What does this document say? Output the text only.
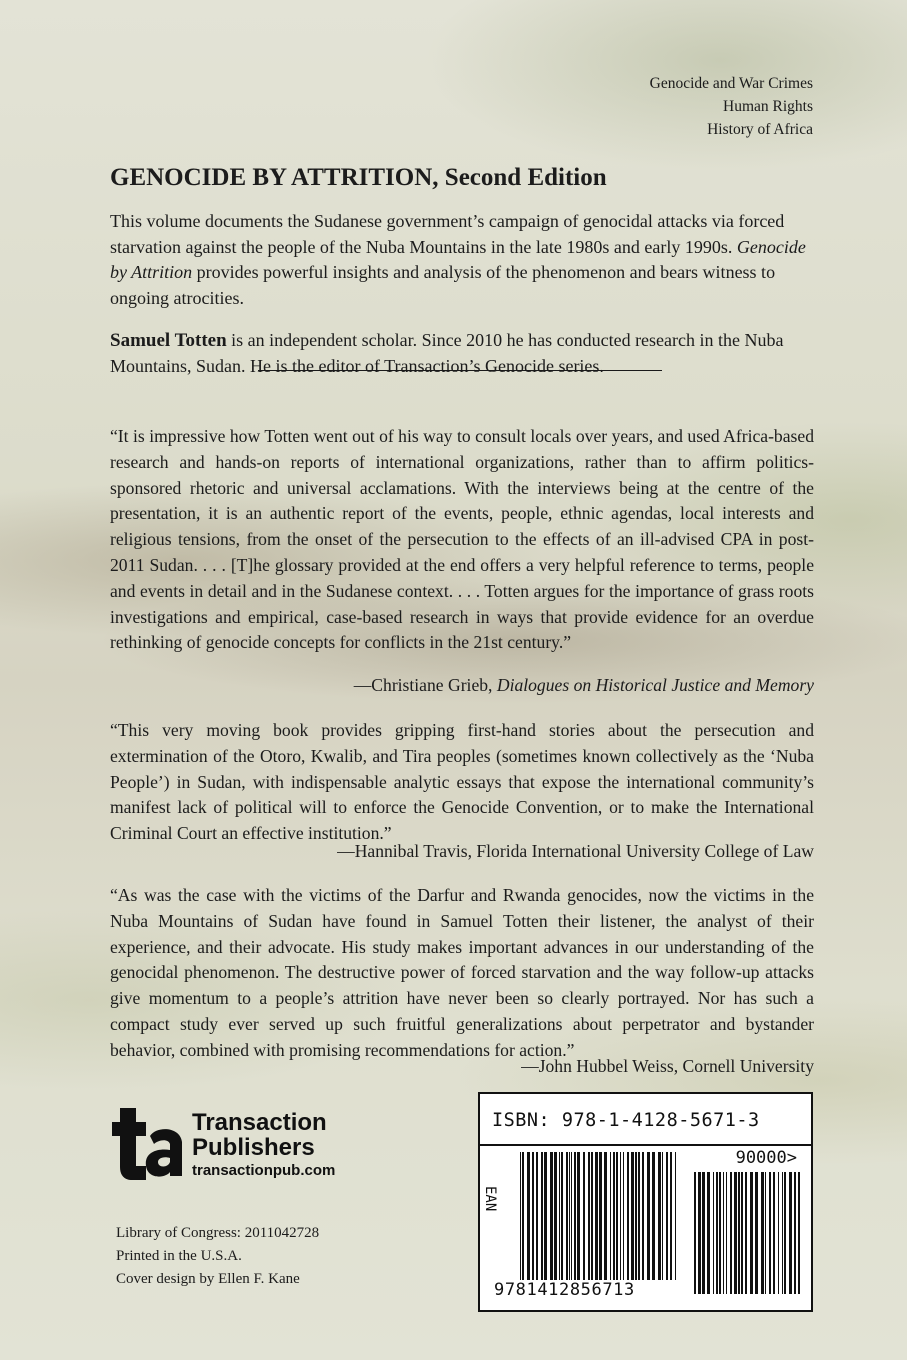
Genocide and War Crimes
Human Rights
History of Africa
GENOCIDE BY ATTRITION, Second Edition

This volume documents the Sudanese government’s campaign of genocidal attacks via forced starvation against the people of the Nuba Mountains in the late 1980s and early 1990s. Genocide by Attrition provides powerful insights and analysis of the phenomenon and bears witness to ongoing atrocities.

Samuel Totten is an independent scholar. Since 2010 he has conducted research in the Nuba Mountains, Sudan. He is the editor of Transaction’s Genocide series.

“It is impressive how Totten went out of his way to consult locals over years, and used Africa-based research and hands-on reports of international organizations, rather than to affirm politics-sponsored rhetoric and universal acclamations. With the interviews being at the centre of the presentation, it is an authentic report of the events, people, ethnic agendas, local interests and religious tensions, from the onset of the persecution to the effects of an ill-advised CPA in post-2011 Sudan. . . . [T]he glossary provided at the end offers a very helpful reference to terms, people and events in detail and in the Sudanese context. . . . Totten argues for the importance of grass roots investigations and empirical, case-based research in ways that provide evidence for an overdue rethinking of genocide concepts for conflicts in the 21st century.”

—Christiane Grieb, Dialogues on Historical Justice and Memory

“This very moving book provides gripping first-hand stories about the persecution and extermination of the Otoro, Kwalib, and Tira peoples (sometimes known collectively as the ‘Nuba People’) in Sudan, with indispensable analytic essays that expose the international community’s manifest lack of political will to enforce the Genocide Convention, or to make the International Criminal Court an effective institution.”

—Hannibal Travis, Florida International University College of Law

“As was the case with the victims of the Darfur and Rwanda genocides, now the victims in the Nuba Mountains of Sudan have found in Samuel Totten their listener, the analyst of their experience, and their advocate. His study makes important advances in our understanding of the genocidal phenomenon. The destructive power of forced starvation and the way follow-up attacks give momentum to a people’s attrition have never been so clearly portrayed. Nor has such a compact study ever served up such fruitful generalizations about perpetrator and bystander behavior, combined with promising recommendations for action.”

—John Hubbel Weiss, Cornell University

Transaction
Publishers
transactionpub.com
Library of Congress: 2011042728
Printed in the U.S.A.
Cover design by Ellen F. Kane
ISBN: 978-1-4128-5671-3
EAN
90000>
9781412856713
